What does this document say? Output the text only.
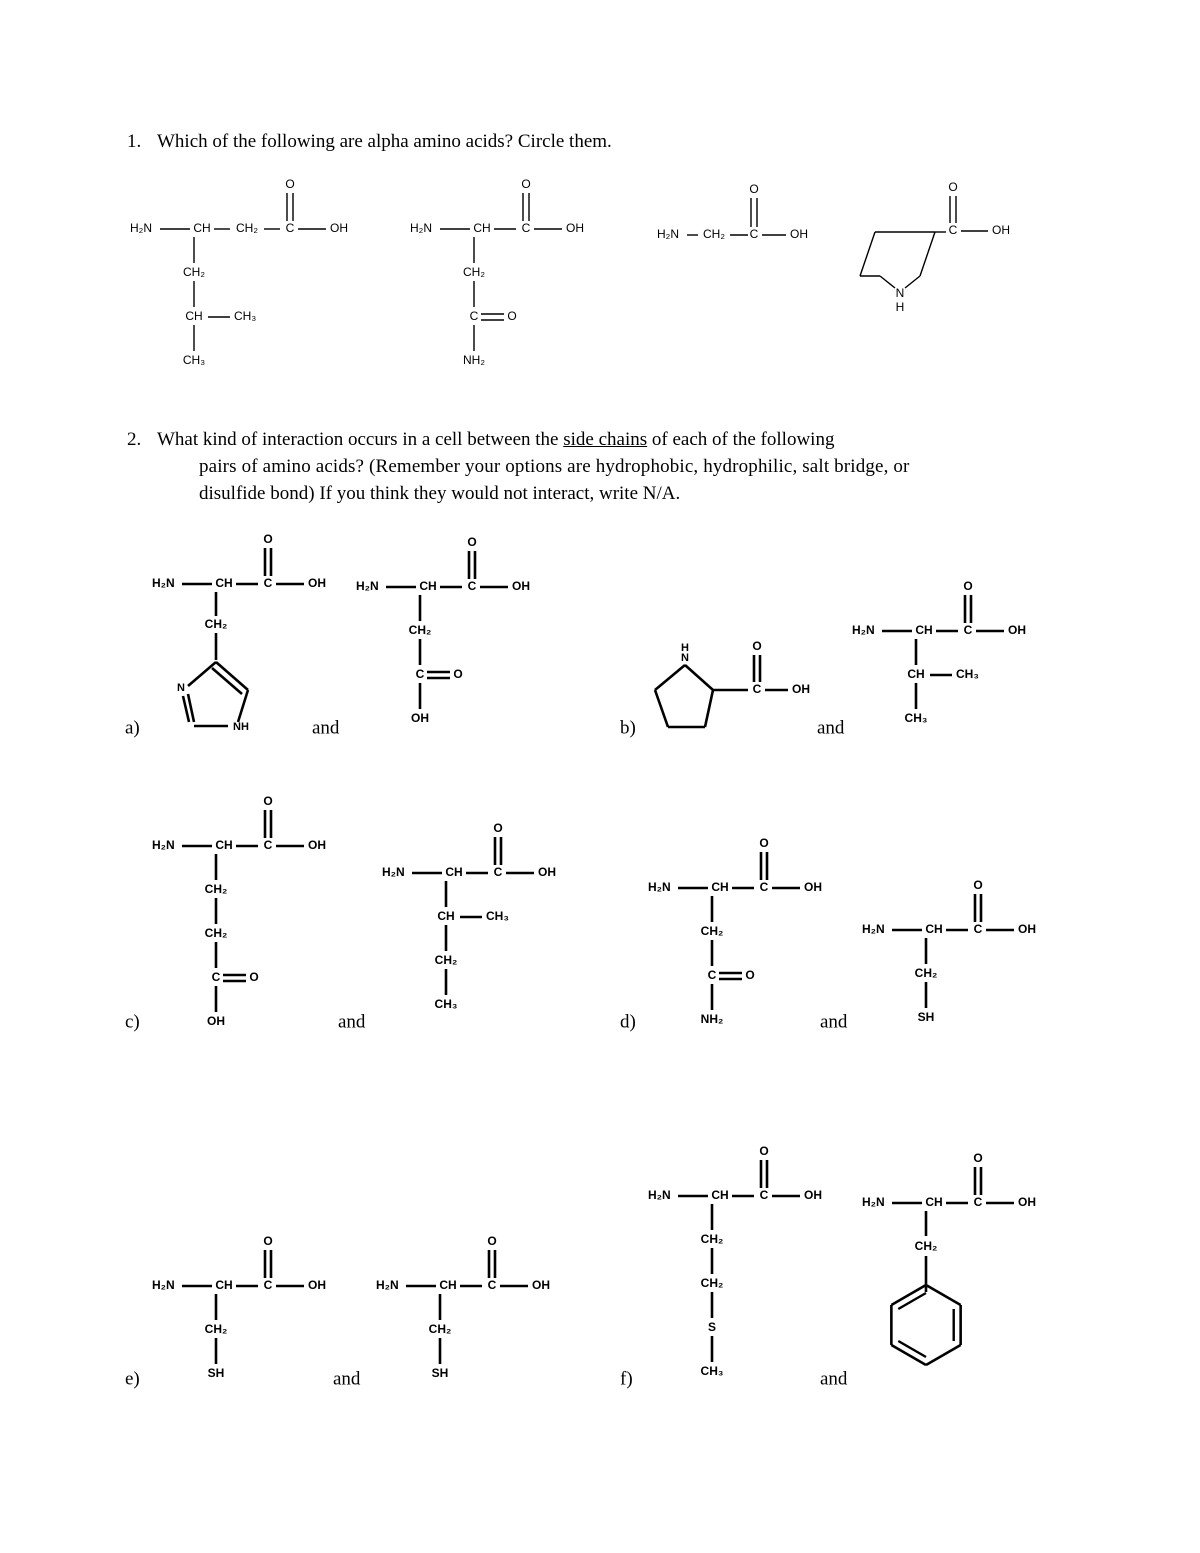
1. Which of the following are alpha amino acids? Circle them.
2. What kind of interaction occurs in a cell between the side chains of each of the following
pairs of amino acids? (Remember your options are hydrophobic, hydrophilic, salt bridge, or
disulfide bond) If you think they would not interact, write N/A.
H₂N	CH CH₂ C
O
OH
CH₂
CH	CH₃
CH₃
H₂N	CH	C
O
OH
CH₂
C O
NH₂
H₂N CH₂ C
O
OH
N
H
C
O
OH
H₂N	CH	C
O
OH
CH₂
N
NH
H₂N	CH	C
O
OH
CH₂
C O
OH
N
H
C
O
OH
H₂N	CH	C
O
OH
CH	CH₃
CH₃
H₂N	CH	C
O
OH
CH₂
CH₂
C O
OH
H₂N	CH	C
O
OH
CH	CH₃
CH₂
CH₃
H₂N	CH	C
O
OH
CH₂
C O
NH₂
H₂N	CH	C
O
OH
CH₂
SH
H₂N	CH	C
O
OH
CH₂
SH
H₂N	CH	C
O
OH
CH₂
SH
H₂N	CH	C
O
OH
CH₂
CH₂
S
CH₃
H₂N	CH	C
O
OH
CH₂
a)	and	b)	and
c)	and	d)	and
e)	and	f)	and
